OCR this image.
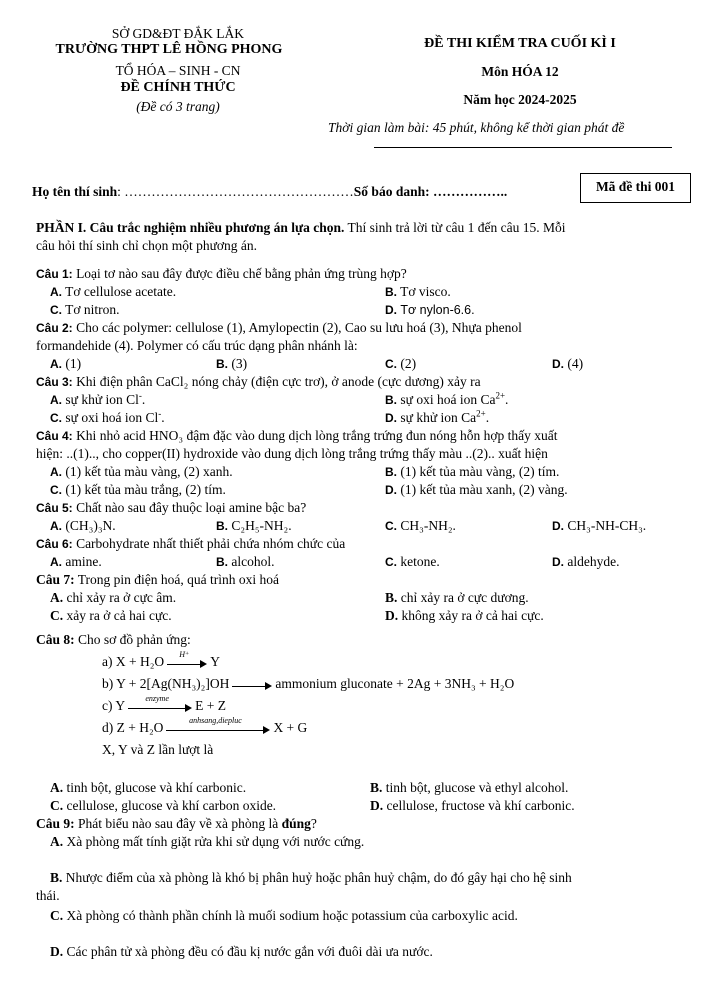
SỞ GD&ĐT ĐẮK LẮK
TRƯỜNG THPT LÊ HỒNG PHONG
TỔ HÓA – SINH - CN
ĐỀ CHÍNH THỨC
(Đề có 3 trang)
ĐỀ THI KIỂM TRA CUỐI KÌ I
Môn HÓA 12
Năm học 2024-2025
Thời gian làm bài: 45 phút, không kể thời gian phát đề
Họ tên thí sinh: ……………………………………………Số báo danh: ……………..	Mã đề thi 001
PHẦN I. Câu trắc nghiệm nhiều phương án lựa chọn. Thí sinh trả lời từ câu 1 đến câu 15. Mỗi
câu hỏi thí sinh chỉ chọn một phương án.
Câu 1: Loại tơ nào sau đây được điều chế bằng phản ứng trùng hợp?
A. Tơ cellulose acetate.	B. Tơ visco.
C. Tơ nitron.	D. Tơ nylon-6.6.
Câu 2: Cho các polymer: cellulose (1), Amylopectin (2), Cao su lưu hoá (3), Nhựa phenol
formandehide (4). Polymer có cấu trúc dạng phân nhánh là:
A. (1)	B. (3)	C. (2)	D. (4)
Câu 3: Khi điện phân CaCl₂ nóng chảy (điện cực trơ), ở anode (cực dương) xảy ra
A. sự khử ion Cl-.	B. sự oxi hoá ion $Ca^{2+}$.
C. sự oxi hoá ion Cl-.	D. sự khử ion $Ca^{2+}$.
Câu 4: Khi nhỏ acid HNO₃ đậm đặc vào dung dịch lòng trắng trứng đun nóng hỗn hợp thấy xuất
hiện: ..(1).., cho copper(II) hydroxide vào dung dịch lòng trắng trứng thấy màu ..(2).. xuất hiện
A. (1) kết tủa màu vàng, (2) xanh.	B. (1) kết tủa màu vàng, (2) tím.
C. (1) kết tủa màu trắng, (2) tím.	D. (1) kết tủa màu xanh, (2) vàng.
Câu 5: Chất nào sau đây thuộc loại amine bậc ba?
A. (CH₃)₃N.	B. C₂H₅-NH₂.	C. CH₃-NH₂.	D. CH₃-NH-CH₃.
Câu 6: Carbohydrate nhất thiết phải chứa nhóm chức của
A. amine.	B. alcohol.	C. ketone.	D. aldehyde.
Câu 7: Trong pin điện hoá, quá trình oxi hoá
A. chỉ xảy ra ở cực âm.	B. chỉ xảy ra ở cực dương.
C. xảy ra ở cả hai cực.	D. không xảy ra ở cả hai cực.
Câu 8: Cho sơ đồ phản ứng:
a) X + H₂O	H⁺	Y
b) Y + 2[Ag(NH₃)₂]OH	ammonium gluconate + 2Ag + 3NH₃ + H₂O
c) Y	enzyme	E + Z
d) Z + H₂O	anhsang,diepluc	X + G
X, Y và Z lần lượt là
A. tinh bột, glucose và khí carbonic.	B. tinh bột, glucose và ethyl alcohol.
C. cellulose, glucose và khí carbon oxide.	D. cellulose, fructose và khí carbonic.
Câu 9: Phát biểu nào sau đây về xà phòng là đúng?
A. Xà phòng mất tính giặt rửa khi sử dụng với nước cứng.
B. Nhược điểm của xà phòng là khó bị phân huỷ hoặc phân huỷ chậm, do đó gây hại cho hệ sinh
thái.
C. Xà phòng có thành phần chính là muối sodium hoặc potassium của carboxylic acid.
D. Các phân tử xà phòng đều có đầu kị nước gắn với đuôi dài ưa nước.
